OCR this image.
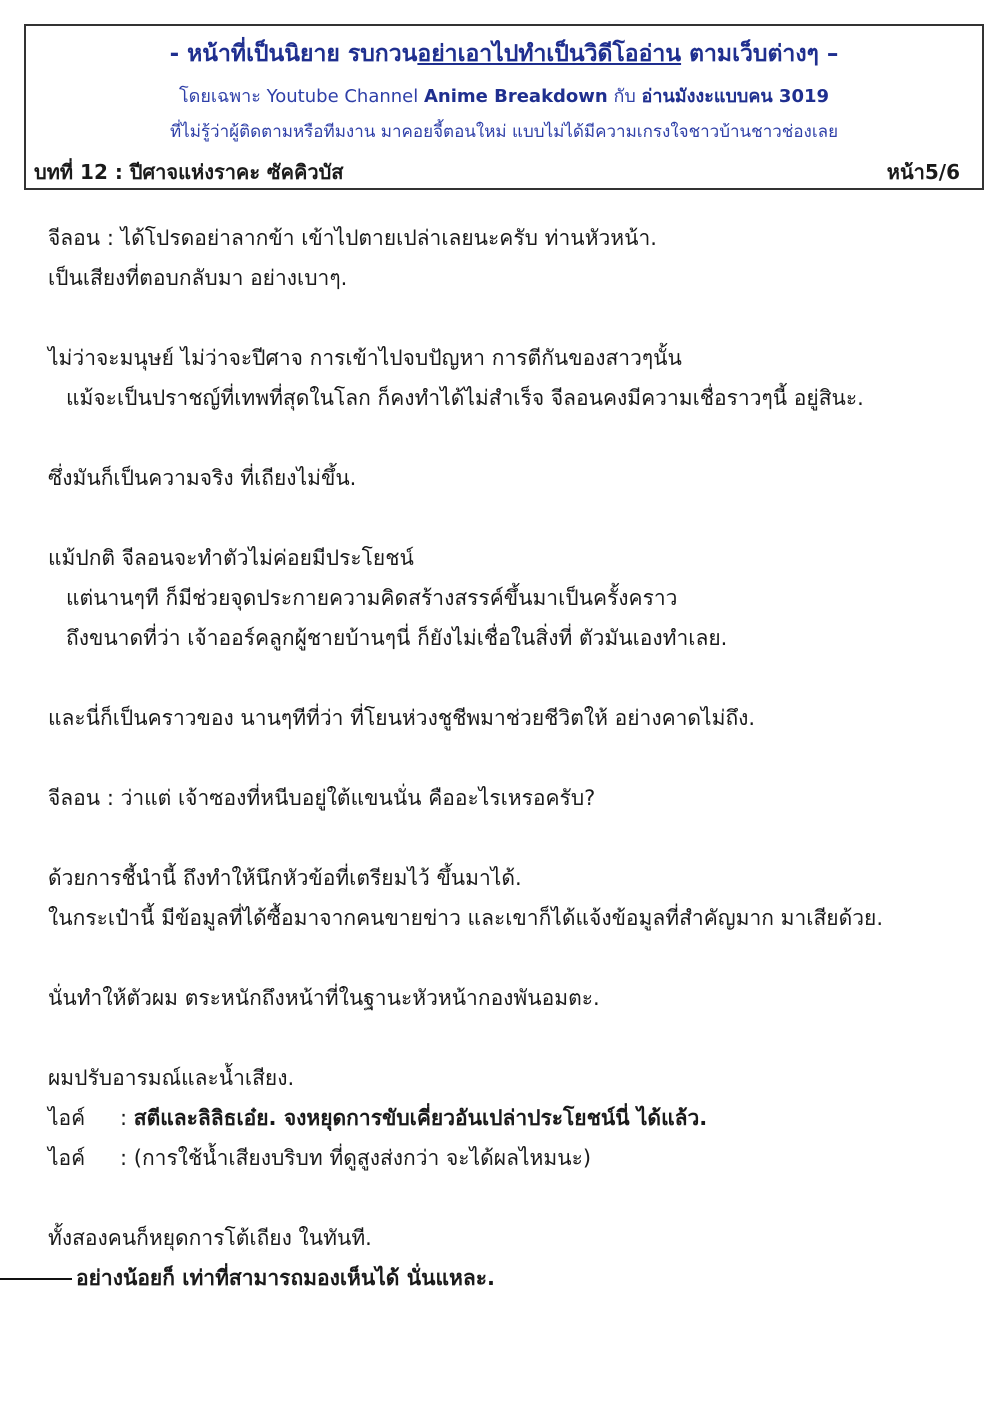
- หน้าที่เป็นนิยาย รบกวนอย่าเอาไปทำเป็นวิดีโออ่าน ตามเว็บต่างๆ –
โดยเฉพาะ Youtube Channel Anime Breakdown กับ อ่านมังงะแบบคน 3019
ที่ไม่รู้ว่าผู้ติดตามหรือทีมงาน มาคอยจี้ตอนใหม่ แบบไม่ได้มีความเกรงใจชาวบ้านชาวช่องเลย
บทที่ 12 : ปีศาจแห่งราคะ ซัคคิวบัส	หน้า5/6
จีลอน : ได้โปรดอย่าลากข้า เข้าไปตายเปล่าเลยนะครับ ท่านหัวหน้า.
เป็นเสียงที่ตอบกลับมา อย่างเบาๆ.
ไม่ว่าจะมนุษย์ ไม่ว่าจะปีศาจ การเข้าไปจบปัญหา การตีกันของสาวๆนั้น
แม้จะเป็นปราชญ์ที่เทพที่สุดในโลก ก็คงทำได้ไม่สำเร็จ จีลอนคงมีความเชื่อราวๆนี้ อยู่สินะ.
ซึ่งมันก็เป็นความจริง ที่เถียงไม่ขึ้น.
แม้ปกติ จีลอนจะทำตัวไม่ค่อยมีประโยชน์
แต่นานๆที ก็มีช่วยจุดประกายความคิดสร้างสรรค์ขึ้นมาเป็นครั้งคราว
ถึงขนาดที่ว่า เจ้าออร์คลูกผู้ชายบ้านๆนี่ ก็ยังไม่เชื่อในสิ่งที่ ตัวมันเองทำเลย.
และนี่ก็เป็นคราวของ นานๆทีที่ว่า ที่โยนห่วงชูชีพมาช่วยชีวิตให้ อย่างคาดไม่ถึง.
จีลอน : ว่าแต่ เจ้าซองที่หนีบอยู่ใต้แขนนั่น คืออะไรเหรอครับ?
ด้วยการชี้นำนี้ ถึงทำให้นึกหัวข้อที่เตรียมไว้ ขึ้นมาได้.
ในกระเป๋านี้ มีข้อมูลที่ได้ซื้อมาจากคนขายข่าว และเขาก็ได้แจ้งข้อมูลที่สำคัญมาก มาเสียด้วย.
นั่นทำให้ตัวผม ตระหนักถึงหน้าที่ในฐานะหัวหน้ากองพันอมตะ.
ผมปรับอารมณ์และน้ำเสียง.
ไอค์	:
สตีและลิลิธเอ๋ย. จงหยุดการขับเคี่ยวอันเปล่าประโยชน์นี่ ได้แล้ว.
ไอค์	:
(การใช้น้ำเสียงบริบท ที่ดูสูงส่งกว่า จะได้ผลไหมนะ)
ทั้งสองคนก็หยุดการโต้เถียง ในทันที.
อย่างน้อยก็ เท่าที่สามารถมองเห็นได้ นั่นแหละ.
